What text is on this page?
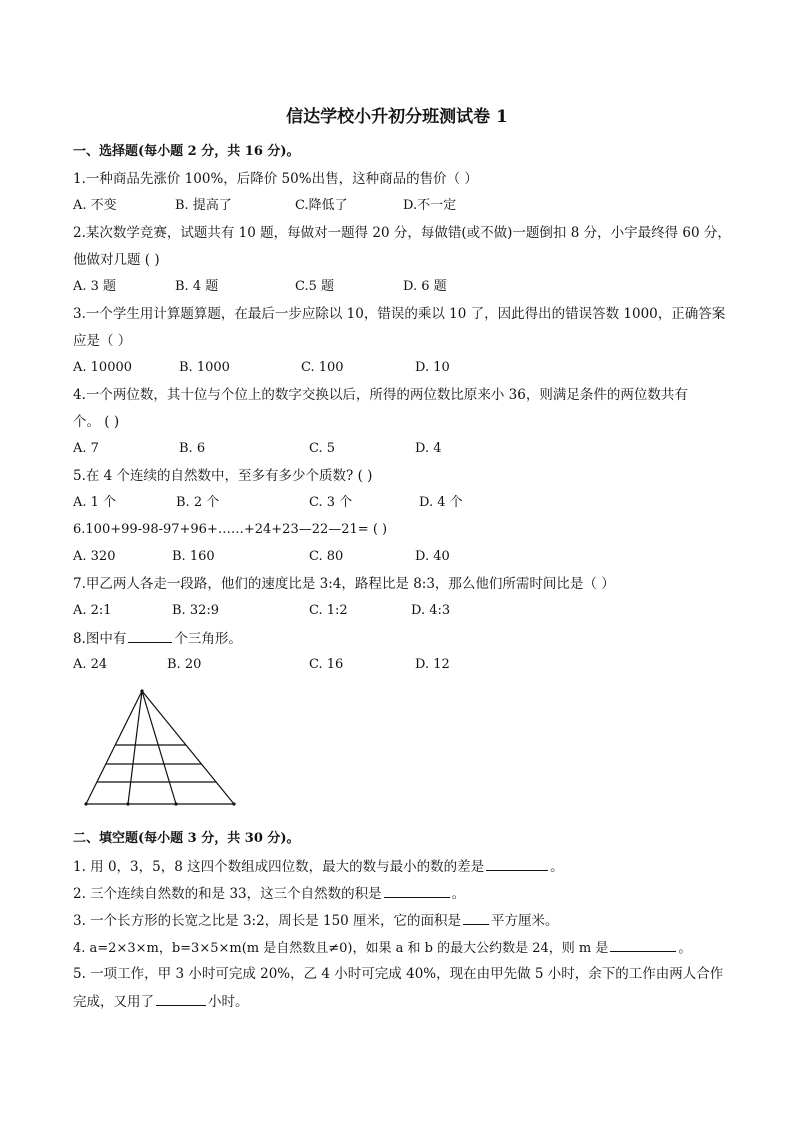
信达学校小升初分班测试卷 1
一、选择题(每小题 2 分，共 16 分)。
1.一种商品先涨价 100%，后降价 50%出售，这种商品的售价（ ）
A. 不变	B. 提高了	C.降低了	D.不一定
2.某次数学竞赛，试题共有 10 题，每做对一题得 20 分，每做错(或不做)一题倒扣 8 分，小宇最终得 60 分，
他做对几题 ( )
A. 3 题	B. 4 题	C.5 题	D. 6 题
3.一个学生用计算题算题，在最后一步应除以 10，错误的乘以 10 了，因此得出的错误答数 1000，正确答案
应是（ ）
A. 10000	B. 1000	C. 100	D. 10
4.一个两位数，其十位与个位上的数字交换以后，所得的两位数比原来小 36，则满足条件的两位数共有
个。 ( )
A. 7	B. 6	C. 5	D. 4
5.在 4 个连续的自然数中，至多有多少个质数? ( )
A. 1 个	B. 2 个	C. 3 个	D. 4 个
6.100+99-98-97+96+……+24+23—22—21= ( )
A. 320	B. 160	C. 80	D. 40
7.甲乙两人各走一段路，他们的速度比是 3:4，路程比是 8:3，那么他们所需时间比是（ ）
A. 2:1	B. 32:9	C. 1:2	D. 4:3
8.图中有	个三角形。
A. 24	B. 20	C. 16	D. 12
二、填空题(每小题 3 分，共 30 分)。
1. 用 0，3，5，8 这四个数组成四位数，最大的数与最小的数的差是	。
2. 三个连续自然数的和是 33，这三个自然数的积是	。
3. 一个长方形的长宽之比是 3:2，周长是 150 厘米，它的面积是 平方厘米。
4. a=2×3×m，b=3×5×m(m 是自然数且≠0)，如果 a 和 b 的最大公约数是 24，则 m 是	。
5. 一项工作，甲 3 小时可完成 20%，乙 4 小时可完成 40%，现在由甲先做 5 小时，余下的工作由两人合作
完成，又用了	小时。
